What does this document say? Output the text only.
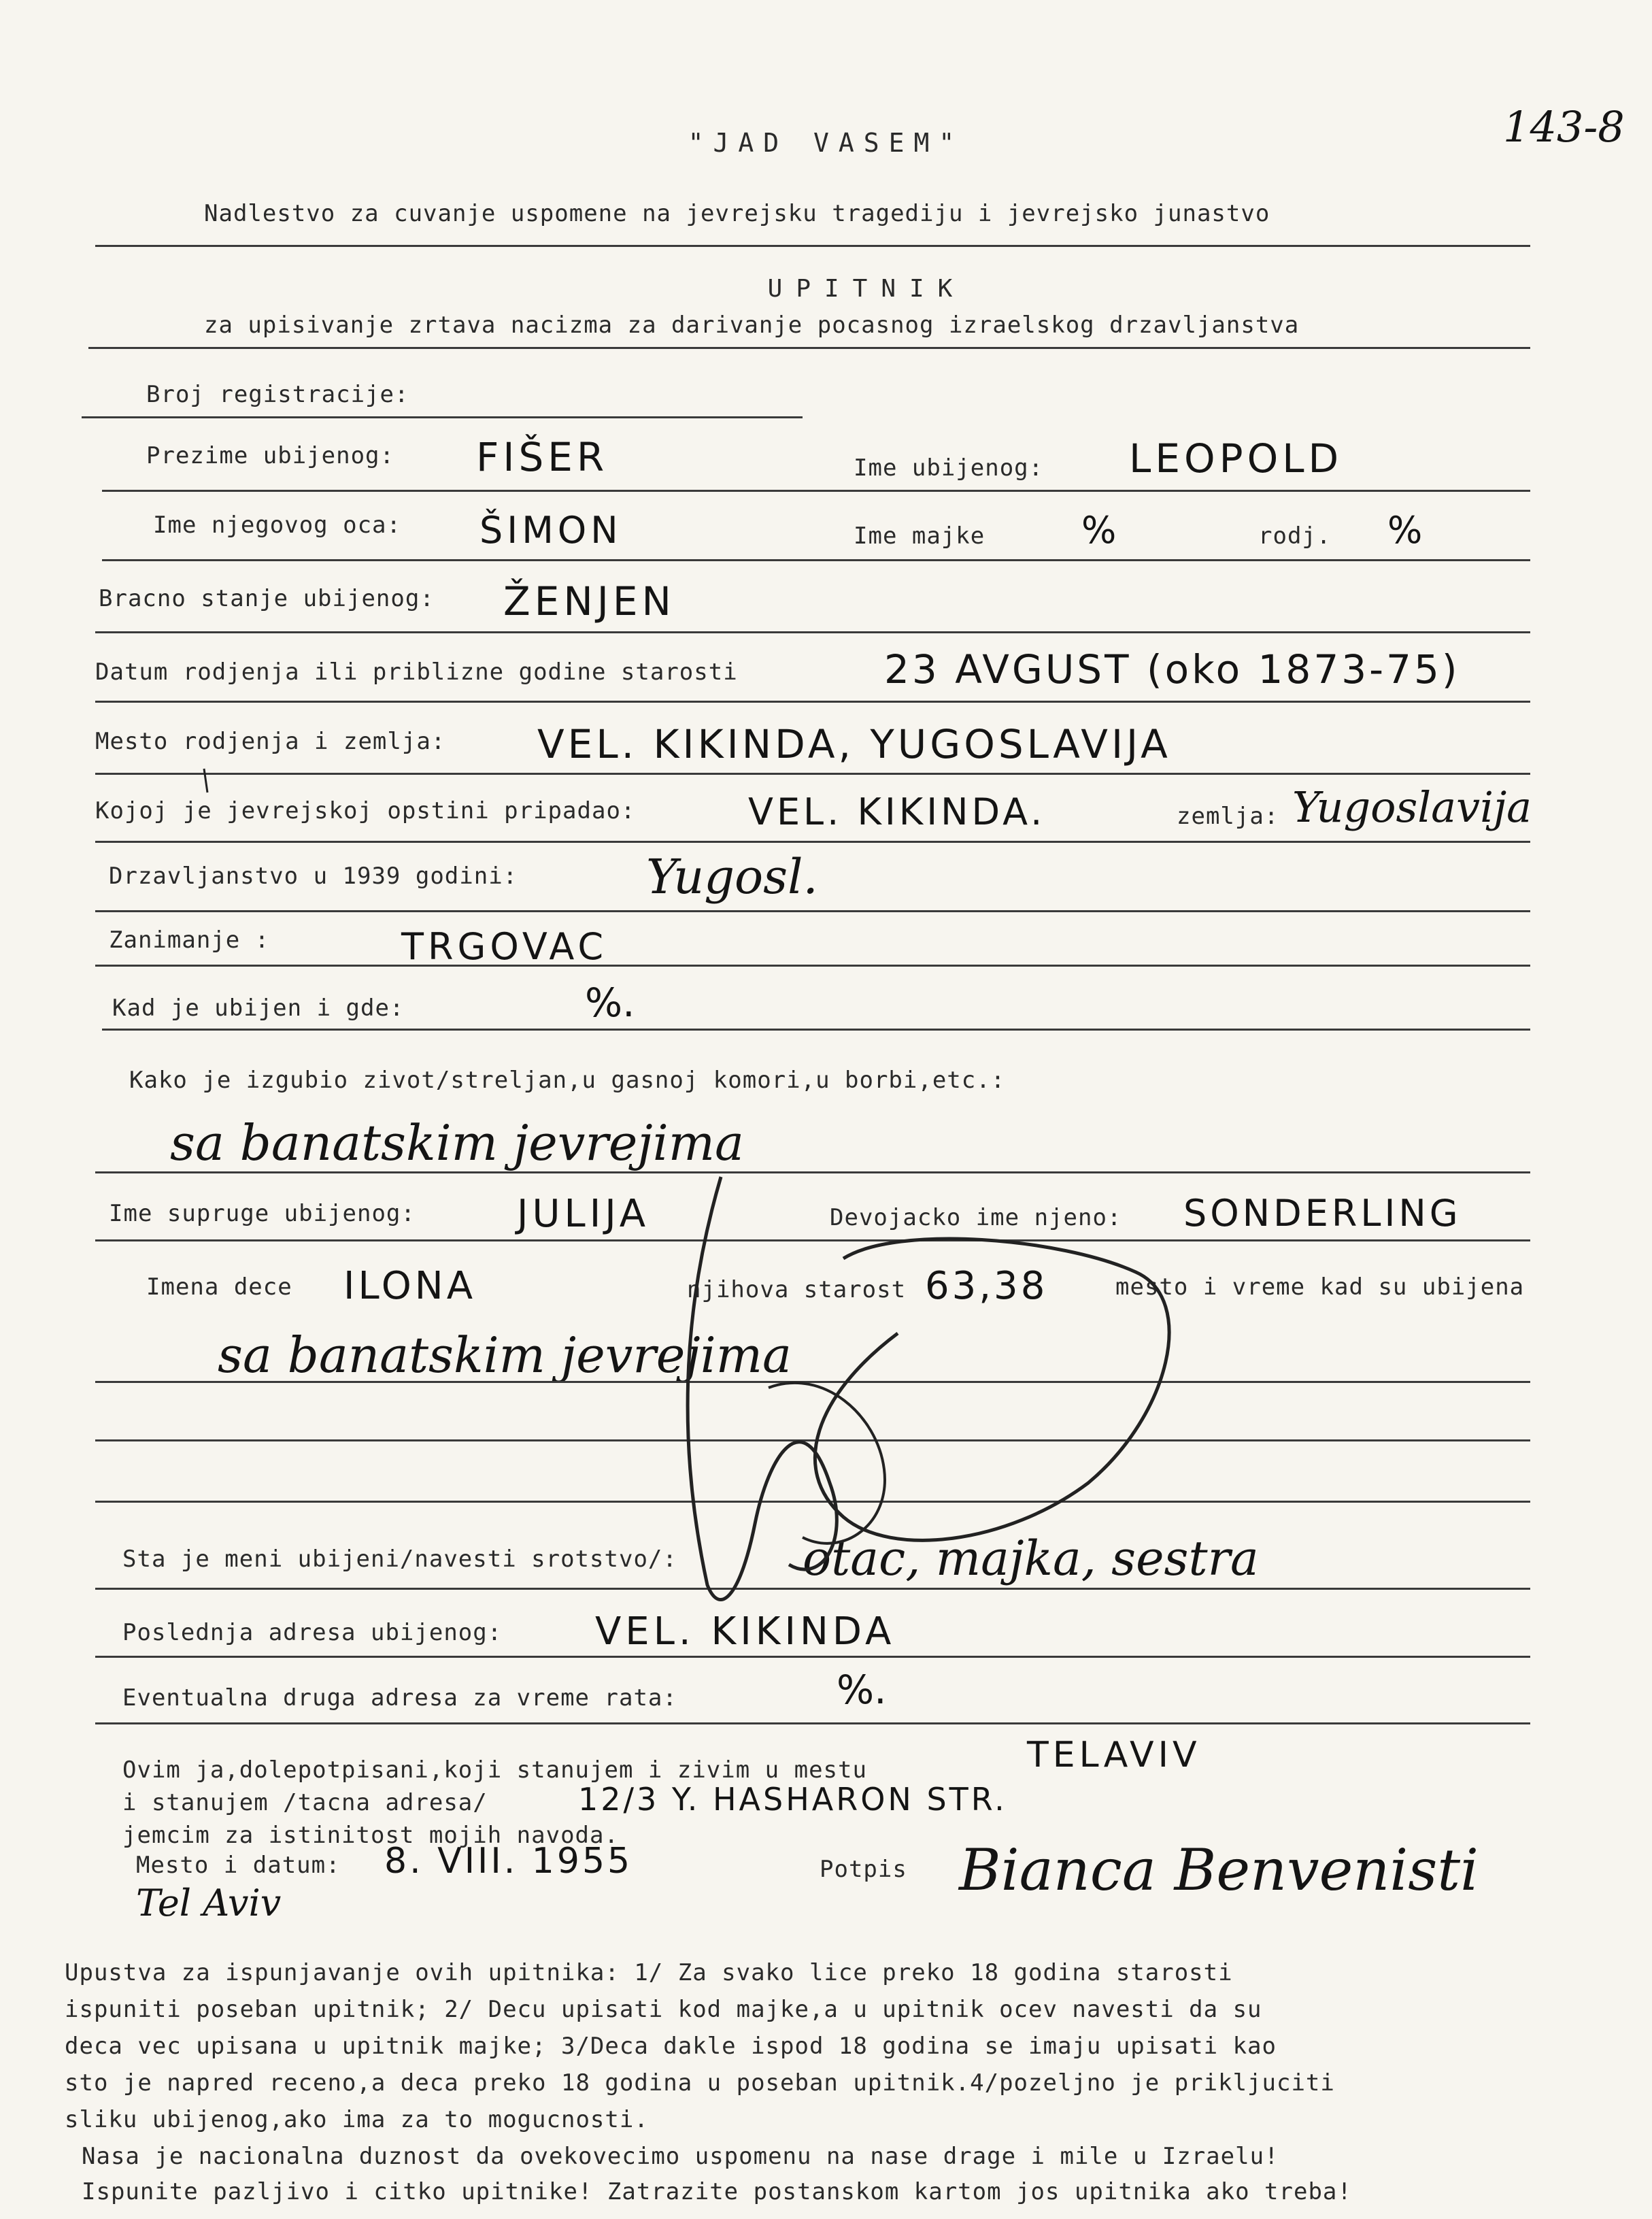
"JAD VASEM"	143-8
Nadlestvo za cuvanje uspomene na jevrejsku tragediju i jevrejsko junastvo
UPITNIK
za upisivanje zrtava nacizma za darivanje pocasnog izraelskog drzavljanstva
Broj registracije:
Prezime ubijenog: FIŠER	Ime ubijenog: LEOPOLD
Ime njegovog oca: ŠIMON	Ime majke	%	rodj. %
Bracno stanje ubijenog: ŽENJEN
Datum rodjenja ili priblizne godine starosti	23 AVGUST (oko 1873-75)
Mesto rodjenja i zemlja: VEL. KIKINDA, YUGOSLAVIJA
Kojoj je jevrejskoj opstini pripadao:	VEL. KIKINDA.	zemlja: Yugoslavija
Drzavljanstvo u 1939 godini:	Yugosl.
Zanimanje :	TRGOVAC
Kad je ubijen i gde:	%.
Kako je izgubio zivot/streljan,u gasnoj komori,u borbi,etc.:
sa banatskim jevrejima
Ime supruge ubijenog:	JULIJA	Devojacko ime njeno: SONDERLING
Imena dece ILONA	njihova starost 63,38	mesto i vreme kad su ubijena
sa banatskim jevrejima
Sta je meni ubijeni/navesti srotstvo/:	otac, majka, sestra
Poslednja adresa ubijenog: VEL. KIKINDA
Eventualna druga adresa za vreme rata:	%.
Ovim ja,dolepotpisani,koji stanujem i zivim u mestu	TELAVIV
i stanujem /tacna adresa/	12/3 Y. HASHARON STR.
jemcim za istinitost mojih navoda.
Mesto i datum: 8. VIII. 1955
Tel Aviv
Potpis Bianca Benvenisti
Upustva za ispunjavanje ovih upitnika: 1/ Za svako lice preko 18 godina starosti
ispuniti poseban upitnik; 2/ Decu upisati kod majke,a u upitnik ocev navesti da su
deca vec upisana u upitnik majke; 3/Deca dakle ispod 18 godina se imaju upisati kao
sto je napred receno,a deca preko 18 godina u poseban upitnik.4/pozeljno je prikljuciti
sliku ubijenog,ako ima za to mogucnosti.
Nasa je nacionalna duznost da ovekovecimo uspomenu na nase drage i mile u Izraelu!
Ispunite pazljivo i citko upitnike! Zatrazite postanskom kartom jos upitnika ako treba!
